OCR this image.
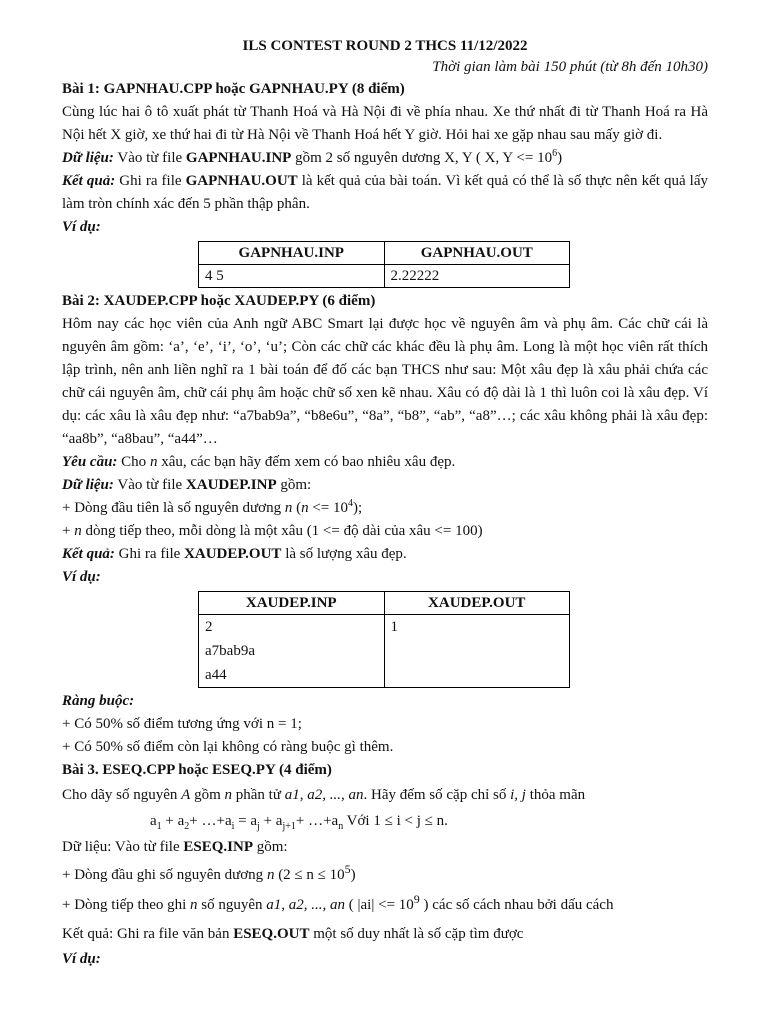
ILS CONTEST ROUND 2 THCS 11/12/2022
Thời gian làm bài 150 phút (từ 8h đến 10h30)

Bài 1: GAPNHAU.CPP hoặc GAPNHAU.PY (8 điểm)

Cùng lúc hai ô tô xuất phát từ Thanh Hoá và Hà Nội đi về phía nhau. Xe thứ nhất đi từ Thanh Hoá ra Hà Nội hết X giờ, xe thứ hai đi từ Hà Nội về Thanh Hoá hết Y giờ. Hỏi hai xe gặp nhau sau mấy giờ đi.

Dữ liệu: Vào từ file GAPNHAU.INP gồm 2 số nguyên dương X, Y ( X, $Y <= 10^6$)

Kết quả: Ghi ra file GAPNHAU.OUT là kết quả của bài toán. Vì kết quả có thể là số thực nên kết quả lấy làm tròn chính xác đến 5 phần thập phân.

Ví dụ:

GAPNHAU.INP	GAPNHAU.OUT
4 5	2.22222

Bài 2: XAUDEP.CPP hoặc XAUDEP.PY (6 điểm)

Hôm nay các học viên của Anh ngữ ABC Smart lại được học về nguyên âm và phụ âm. Các chữ cái là nguyên âm gồm: ‘a’, ‘e’, ‘i’, ‘o’, ‘u’; Còn các chữ các khác đều là phụ âm. Long là một học viên rất thích lập trình, nên anh liền nghĩ ra 1 bài toán để đố các bạn THCS như sau: Một xâu đẹp là xâu phải chứa các chữ cái nguyên âm, chữ cái phụ âm hoặc chữ số xen kẽ nhau. Xâu có độ dài là 1 thì luôn coi là xâu đẹp. Ví dụ: các xâu là xâu đẹp như: “a7bab9a”, “b8e6u”, “8a”, “b8”, “ab”, “a8”…; các xâu không phải là xâu đẹp: “aa8b”, “a8bau”, “a44”…

Yêu cầu: Cho n xâu, các bạn hãy đếm xem có bao nhiêu xâu đẹp.

Dữ liệu: Vào từ file XAUDEP.INP gồm:

+ Dòng đầu tiên là số nguyên dương n $(n <= 10^4)$;

+ n dòng tiếp theo, mỗi dòng là một xâu (1 <= độ dài của xâu <= 100)

Kết quả: Ghi ra file XAUDEP.OUT là số lượng xâu đẹp.

Ví dụ:

XAUDEP.INP	XAUDEP.OUT

2
a7bab9a
a44	1

Ràng buộc:

+ Có 50% số điểm tương ứng với n = 1;

+ Có 50% số điểm còn lại không có ràng buộc gì thêm.

Bài 3. ESEQ.CPP hoặc ESEQ.PY (4 điểm)

Cho dãy số nguyên A gồm n phần tử a1, a2, ..., an. Hãy đếm số cặp chỉ số i, j thỏa mãn

$a_1 + a_2+$ $\dots+a_i = a_j + a_{j+1}+$ $\dots+a_n$ Với 1 ≤ i < j ≤ n.

Dữ liệu: Vào từ file ESEQ.INP gồm:

+ Dòng đầu ghi số nguyên dương n $(2 \le n \le 10^5)$

+ Dòng tiếp theo ghi n số nguyên a1, a2, ..., an ( $|ai| <= 10^9$ ) các số cách nhau bởi dấu cách

Kết quả: Ghi ra file văn bản ESEQ.OUT một số duy nhất là số cặp tìm được

Ví dụ:
